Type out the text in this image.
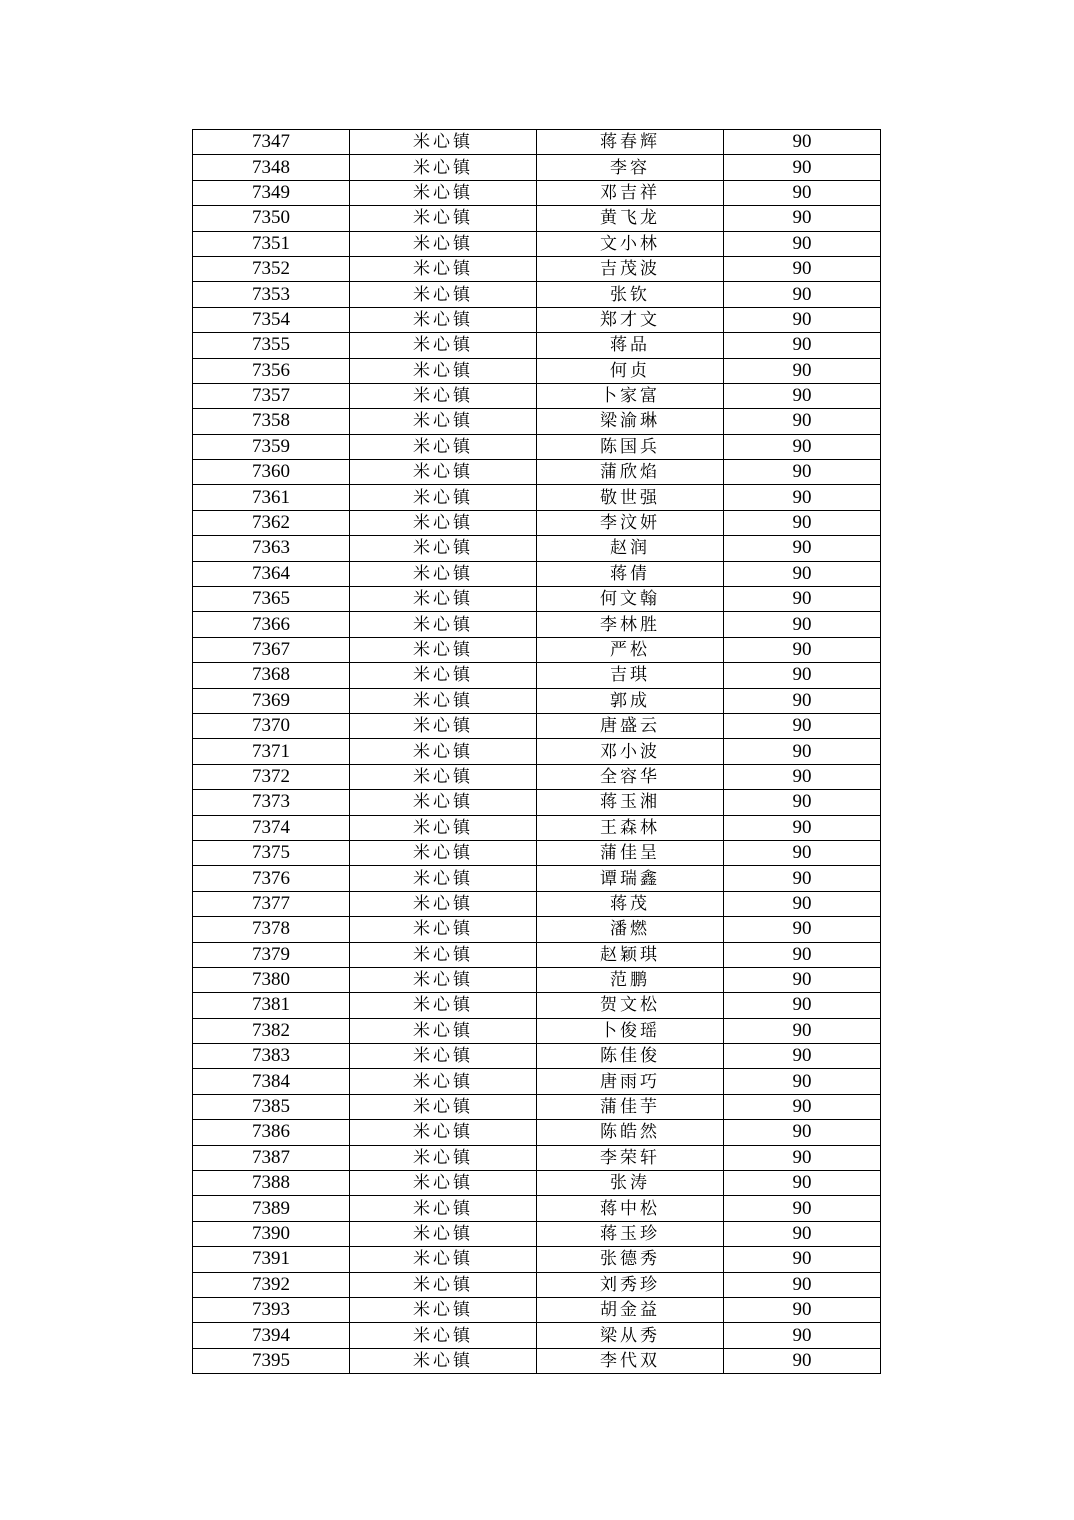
7347	米心镇	蒋春辉	90
7348	米心镇	李容	90
7349	米心镇	邓吉祥	90
7350	米心镇	黄飞龙	90
7351	米心镇	文小林	90
7352	米心镇	吉茂波	90
7353	米心镇	张钦	90
7354	米心镇	郑才文	90
7355	米心镇	蒋品	90
7356	米心镇	何贞	90
7357	米心镇	卜家富	90
7358	米心镇	梁渝琳	90
7359	米心镇	陈国兵	90
7360	米心镇	蒲欣焰	90
7361	米心镇	敬世强	90
7362	米心镇	李汶妍	90
7363	米心镇	赵润	90
7364	米心镇	蒋倩	90
7365	米心镇	何文翰	90
7366	米心镇	李林胜	90
7367	米心镇	严松	90
7368	米心镇	吉琪	90
7369	米心镇	郭成	90
7370	米心镇	唐盛云	90
7371	米心镇	邓小波	90
7372	米心镇	全容华	90
7373	米心镇	蒋玉湘	90
7374	米心镇	王森林	90
7375	米心镇	蒲佳呈	90
7376	米心镇	谭瑞鑫	90
7377	米心镇	蒋茂	90
7378	米心镇	潘燃	90
7379	米心镇	赵颖琪	90
7380	米心镇	范鹏	90
7381	米心镇	贺文松	90
7382	米心镇	卜俊瑶	90
7383	米心镇	陈佳俊	90
7384	米心镇	唐雨巧	90
7385	米心镇	蒲佳芋	90
7386	米心镇	陈皓然	90
7387	米心镇	李荣轩	90
7388	米心镇	张涛	90
7389	米心镇	蒋中松	90
7390	米心镇	蒋玉珍	90
7391	米心镇	张德秀	90
7392	米心镇	刘秀珍	90
7393	米心镇	胡金益	90
7394	米心镇	梁从秀	90
7395	米心镇	李代双	90
